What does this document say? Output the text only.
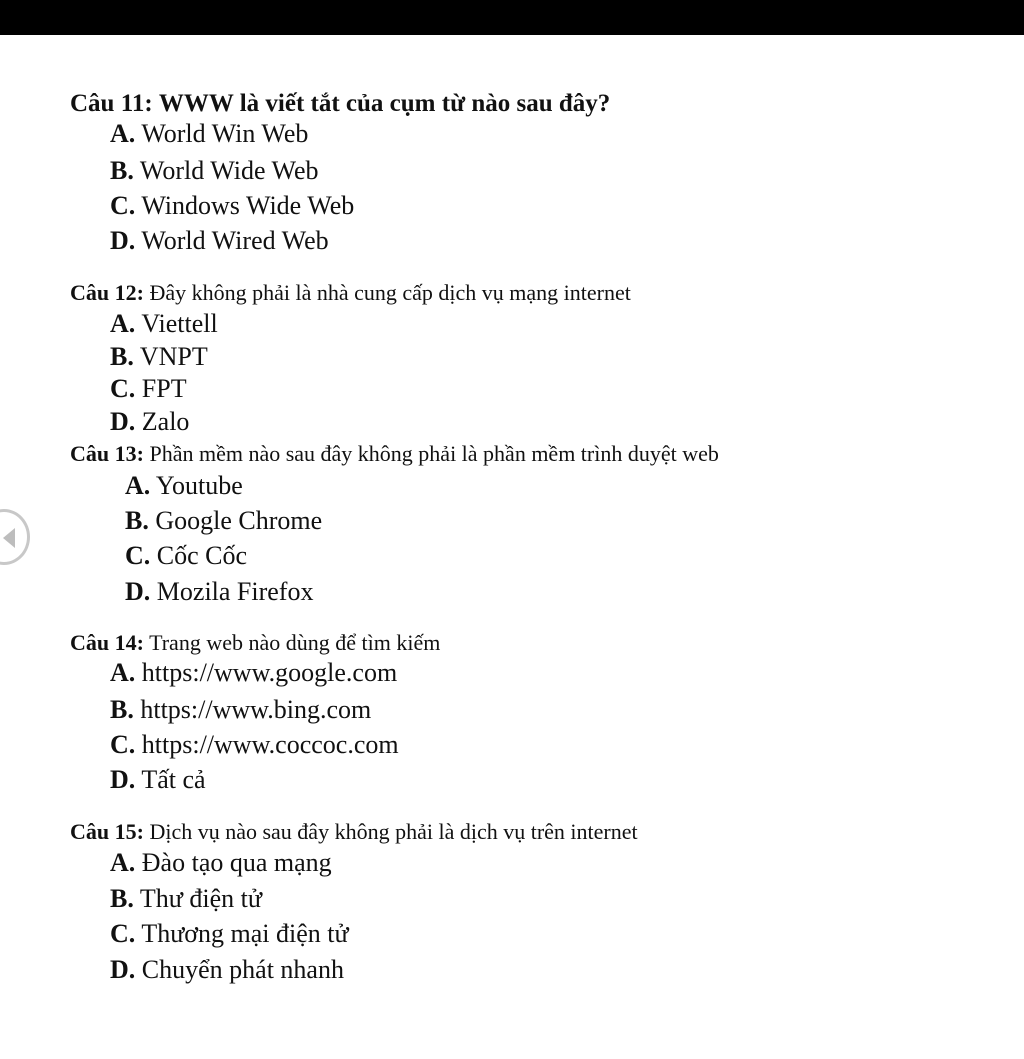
Câu 11: WWW là viết tắt của cụm từ nào sau đây?
A. World Win Web
B. World Wide Web
C. Windows Wide Web
D. World Wired Web
Câu 12: Đây không phải là nhà cung cấp dịch vụ mạng internet
A. Viettell
B. VNPT
C. FPT
D. Zalo
Câu 13: Phần mềm nào sau đây không phải là phần mềm trình duyệt web
A. Youtube
B. Google Chrome
C. Cốc Cốc
D. Mozila Firefox
Câu 14: Trang web nào dùng để tìm kiếm
A. https://www.google.com
B. https://www.bing.com
C. https://www.coccoc.com
D. Tất cả
Câu 15: Dịch vụ nào sau đây không phải là dịch vụ trên internet
A. Đào tạo qua mạng
B. Thư điện tử
C. Thương mại điện tử
D. Chuyển phát nhanh
